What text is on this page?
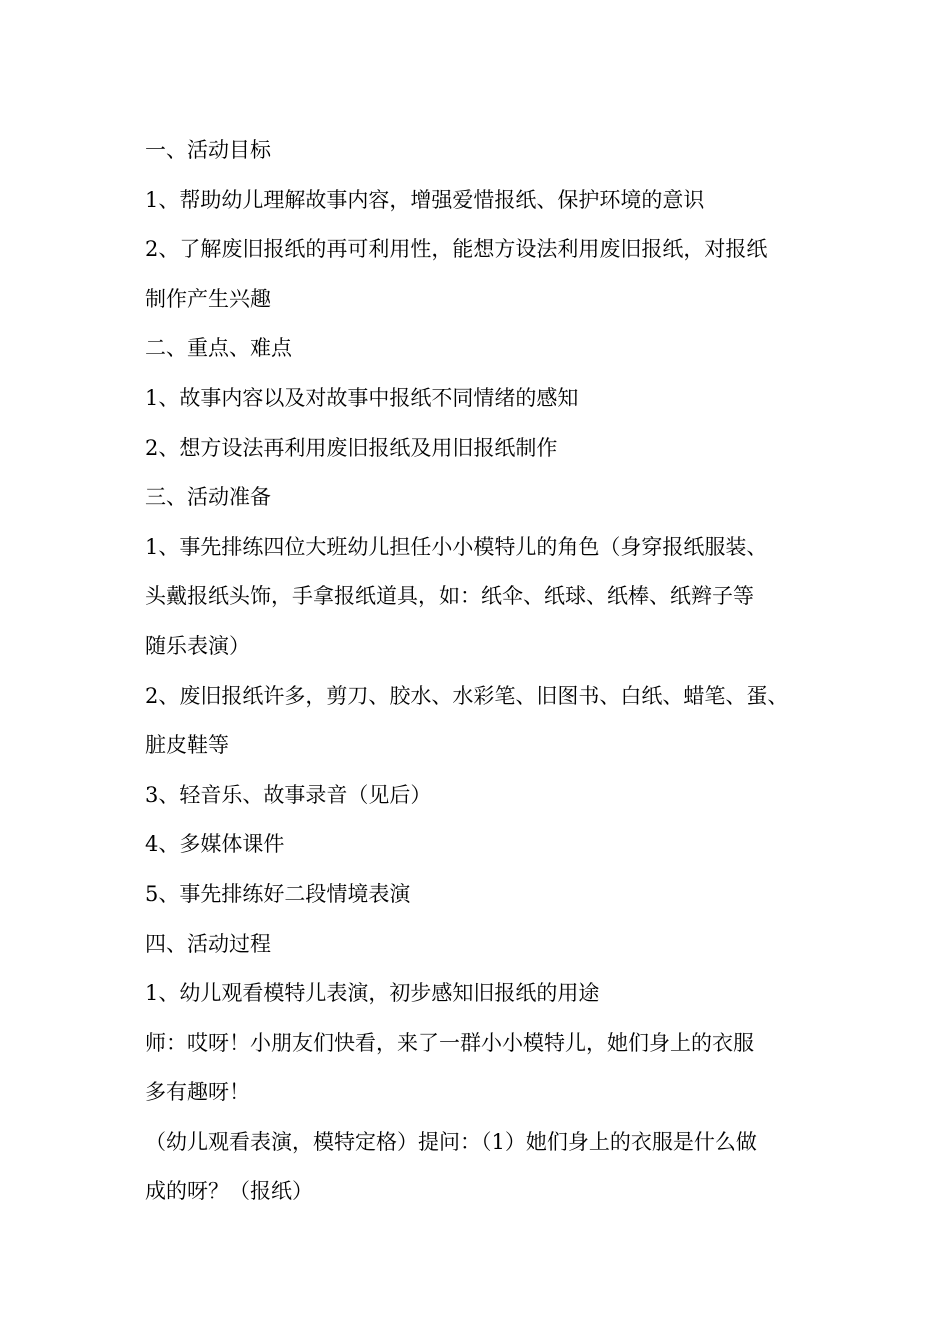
一、活动目标
1、帮助幼儿理解故事内容，增强爱惜报纸、保护环境的意识
2、了解废旧报纸的再可利用性，能想方设法利用废旧报纸，对报纸
制作产生兴趣
二、重点、难点
1、故事内容以及对故事中报纸不同情绪的感知
2、想方设法再利用废旧报纸及用旧报纸制作
三、活动准备
1、事先排练四位大班幼儿担任小小模特儿的角色（身穿报纸服装、
头戴报纸头饰，手拿报纸道具，如：纸伞、纸球、纸棒、纸辫子等
随乐表演）
2、废旧报纸许多，剪刀、胶水、水彩笔、旧图书、白纸、蜡笔、蛋、
脏皮鞋等
3、轻音乐、故事录音（见后）
4、多媒体课件
5、事先排练好二段情境表演
四、活动过程
1、幼儿观看模特儿表演，初步感知旧报纸的用途
师：哎呀！小朋友们快看，来了一群小小模特儿，她们身上的衣服
多有趣呀！
（幼儿观看表演，模特定格）提问：（1）她们身上的衣服是什么做
成的呀？（报纸）
